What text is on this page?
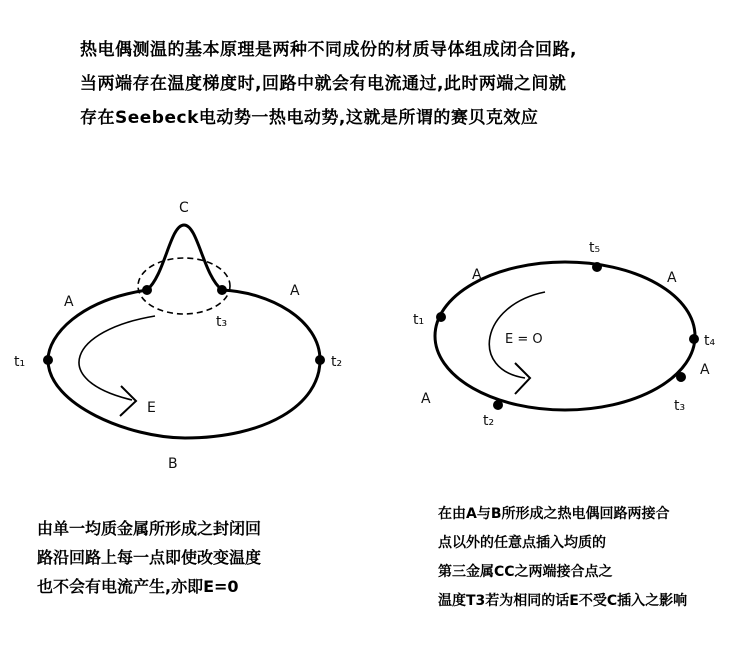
热电偶测温的基本原理是两种不同成份的材质导体组成闭合回路,
当两端存在温度梯度时,回路中就会有电流通过,此时两端之间就
存在Seebeck电动势一热电动势,这就是所谓的赛贝克效应
C
A
A
t₁	t₂
t₃
E
B
t₁
t₅
t₄
t₃
t₂
A	A
A
A
E = O
由单一均质金属所形成之封闭回
路沿回路上每一点即使改变温度
也不会有电流产生,亦即E=0
在由A与B所形成之热电偶回路两接合
点以外的任意点插入均质的
第三金属CC之两端接合点之
温度T3若为相同的话E不受C插入之影响
